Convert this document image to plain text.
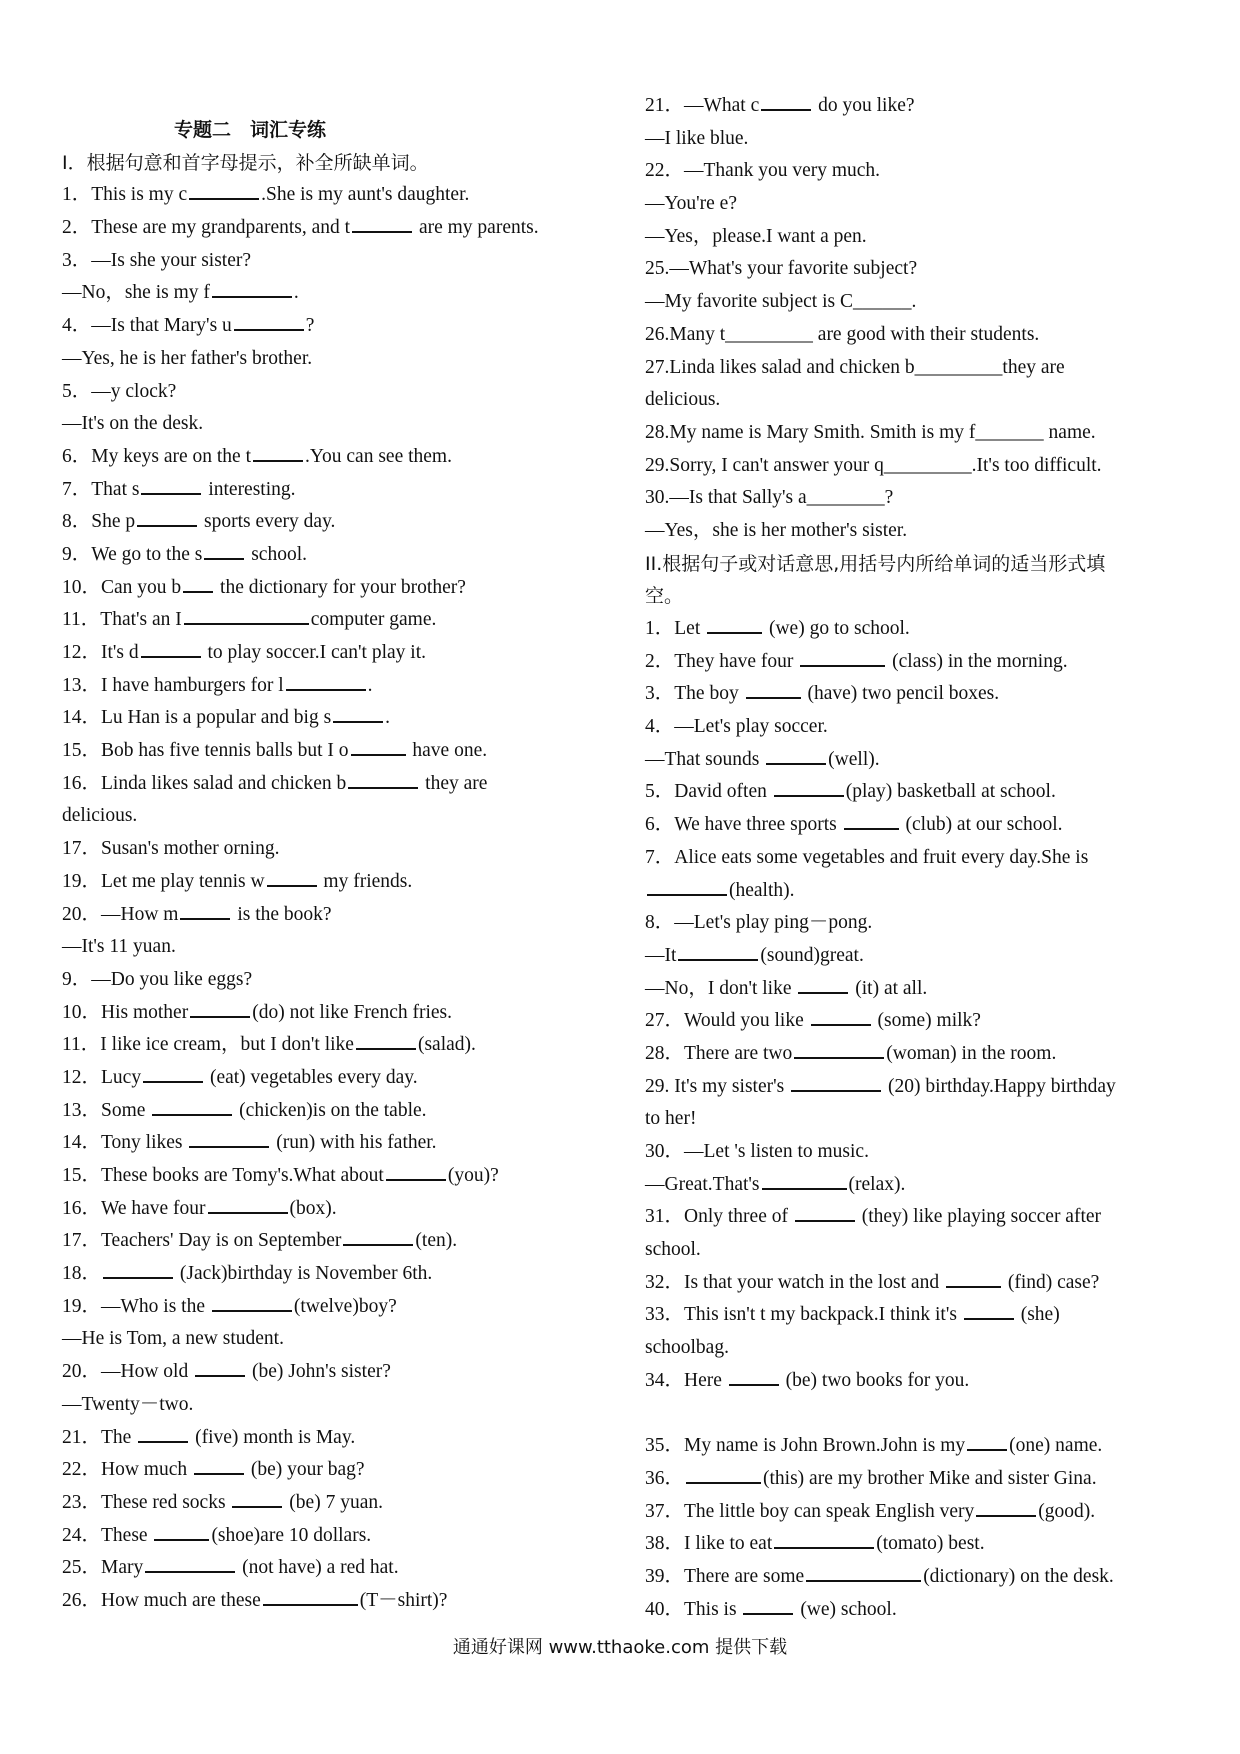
专题二　词汇专练
I．根据句意和首字母提示，补全所缺单词。
1．This is my c	.She is my aunt's daughter.
2．These are my grandparents, and t	are my parents.
3．—Is she your sister?
—No，she is my f	.
4．—Is that Mary's u	?
—Yes, he is her father's brother.
5．—y clock?
—It's on the desk.
6．My keys are on the t	.You can see them.
7．That s	interesting.
8．She p	sports every day.
9．We go to the s school.
10．Can you b the dictionary for your brother?
11．That's an I	computer game.
12．It's d	to play soccer.I can't play it.
13．I have hamburgers for l	.
14．Lu Han is a popular and big s	.
15．Bob has five tennis balls but I o	have one.
16．Linda likes salad and chicken b	they are
delicious.
17．Susan's mother orning.
19．Let me play tennis w	my friends.
20．—How m	is the book?
—It's 11 yuan.
9．—Do you like eggs?
10．His mother	(do) not like French fries.
11．I like ice cream，but I don't like	(salad).
12．Lucy	(eat) vegetables every day.
13．Some	(chicken)is on the table.
14．Tony likes	(run) with his father.
15．These books are Tomy's.What about	(you)?
16．We have four	(box).
17．Teachers' Day is on September	(ten).
18．	(Jack)birthday is November 6th.
19．—Who is the	(twelve)boy?
—He is Tom, a new student.
20．—How old	(be) John's sister?
—Twenty－two.
21．The	(five) month is May.
22．How much	(be) your bag?
23．These red socks	(be) 7 yuan.
24．These	(shoe)are 10 dollars.
25．Mary	(not have) a red hat.
26．How much are these	(T－shirt)?
21．—What c	do you like?
—I like blue.
22．—Thank you very much.
—You're e?
—Yes，please.I want a pen.
25.—What's your favorite subject?
—My favorite subject is C______.
26.Many t_________ are good with their students.
27.Linda likes salad and chicken b_________they are
delicious.
28.My name is Mary Smith. Smith is my f_______ name.
29.Sorry, I can't answer your q_________.It's too difficult.
30.—Is that Sally's a________?
—Yes，she is her mother's sister.
II.根据句子或对话意思,用括号内所给单词的适当形式填
空。
1．Let	(we) go to school.
2．They have four	(class) in the morning.
3．The boy	(have) two pencil boxes.
4．—Let's play soccer.
—That sounds	(well).
5．David often	(play) basketball at school.
6．We have three sports	(club) at our school.
7．Alice eats some vegetables and fruit every day.She is
(health).
8．—Let's play ping－pong.
—It	(sound)great.
—No，I don't like	(it) at all.
27．Would you like	(some) milk?
28．There are two	(woman) in the room.
29. It's my sister's	(20) birthday.Happy birthday
to her!
30．—Let 's listen to music.
—Great.That's	(relax).
31．Only three of	(they) like playing soccer after
school.
32．Is that your watch in the lost and	(find) case?
33．This isn't t my backpack.I think it's	(she)
schoolbag.
34．Here	(be) two books for you.
35．My name is John Brown.John is my (one) name.
36．	(this) are my brother Mike and sister Gina.
37．The little boy can speak English very	(good).
38．I like to eat	(tomato) best.
39．There are some	(dictionary) on the desk.
40．This is	(we) school.
通通好课网 www.tthaoke.com 提供下载
